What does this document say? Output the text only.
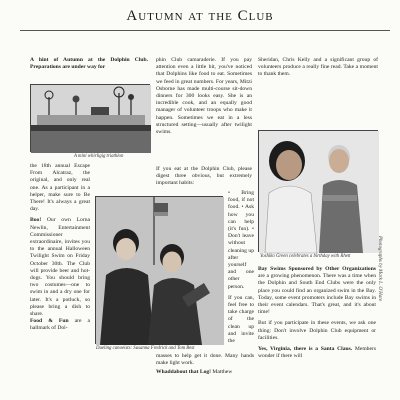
Autumn at the Club

A hint of Autumn at the Dolphin Club. Preparations are under way for

A mini whirligig triathlon

the 18th annual Escape From Alcatraz, the original, and only real one. As a participant in a helper, make sure to Be There! It's always a great day.

Boo! Our own Lorna Newlin, Entertainment Commissioner extraordinaire, invites you to the annual Halloween Twilight Swim on Friday October 30th. The Club will provide beer and hot-dogs. You should bring two costumes—one to swim in and a dry one for later. It's a potluck, so please bring a dish to share.

Food & Fun are a hallmark of Dol-

phin Club camaraderie. If you pay attention even a little bit, you've noticed that Dolphins like food to eat. Sometimes we feed in great numbers. For years, Mitzi Osborne has made multi-course sit-down dinners for 300 looks easy. She is an incredible cook, and an equally good manager of volunteer troops who make it happen. Sometimes we eat in a less structured setting—usually after twilight swims.

If you eat at the Dolphin Club, please digest three obvious, but extremely important habits:

• Bring food, if not food. • Ask how you can help (it's fun). • Don't leave without cleaning up after yourself and one other person.

If you can, feel free to take charge of the clean up and invite the

Dueling canoeists: Susanna Fredrick and Tom Best

masses to help get it done. Many hands make light work.

Whaddabout that Log! Matthew

Sheridan, Chris Kelly and a significant group of volunteers produce a really fine read. Take a moment to thank them.

Yoshiko Green celebrates a birthday with Rhett

Bay Swims Sponsored by Other Organizations are a growing phenomenon. There was a time when the Dolphin and South End Clubs were the only place you could find an organized swim in the Bay. Today, some event promoters include Bay swims in their event calendars. That's great, and it's about time!

But if you participate in these events, we ask one thing: Don't involve Dolphin Club equipment or facilities.

Yes, Virginia, there is a Santa Claus. Members wonder if there will

Photographs by Mark L. O'Hare
